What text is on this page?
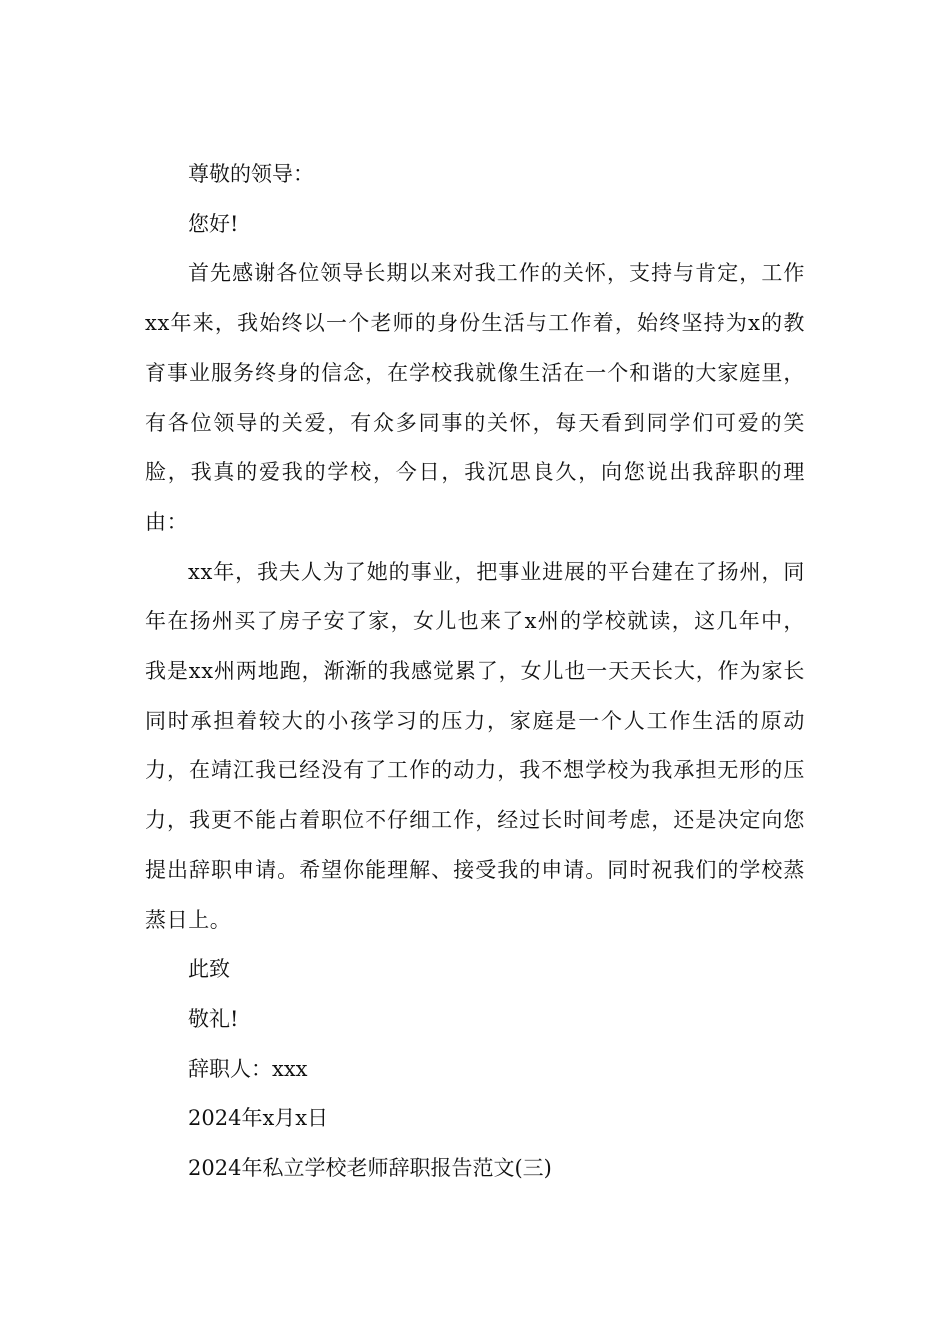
尊敬的领导：

您好!

首先感谢各位领导长期以来对我工作的关怀，支持与肯定，工作xx年来，我始终以一个老师的身份生活与工作着，始终坚持为x的教育事业服务终身的信念，在学校我就像生活在一个和谐的大家庭里，有各位领导的关爱，有众多同事的关怀，每天看到同学们可爱的笑脸，我真的爱我的学校，今日，我沉思良久，向您说出我辞职的理由：

xx年，我夫人为了她的事业，把事业进展的平台建在了扬州，同年在扬州买了房子安了家，女儿也来了x州的学校就读，这几年中，我是xx州两地跑，渐渐的我感觉累了，女儿也一天天长大，作为家长同时承担着较大的小孩学习的压力，家庭是一个人工作生活的原动力，在靖江我已经没有了工作的动力，我不想学校为我承担无形的压力，我更不能占着职位不仔细工作，经过长时间考虑，还是决定向您提出辞职申请。希望你能理解、接受我的申请。同时祝我们的学校蒸蒸日上。

此致

敬礼!

辞职人：xxx

2024年x月x日

2024年私立学校老师辞职报告范文(三)
